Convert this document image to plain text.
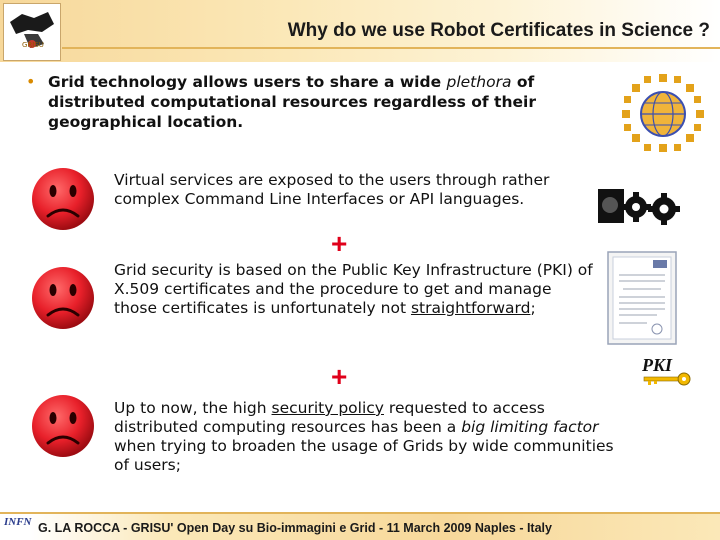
GRISU
Why do we use Robot Certificates in Science ?
• Grid technology allows users to share a wide plethora of distributed computational resources regardless of their geographical location.
Virtual services are exposed to the users through rather complex Command Line Interfaces or API languages.
+
Grid security is based on the Public Key Infrastructure (PKI) of X.509 certificates and the procedure to get and manage those certificates is unfortunately not straightforward;
+
Up to now, the high security policy requested to access distributed computing resources has been a big limiting factor when trying to broaden the usage of Grids by wide communities of users;
PKI
INFN G. LA ROCCA - GRISU' Open Day su Bio-immagini e Grid - 11 March 2009 Naples - Italy
